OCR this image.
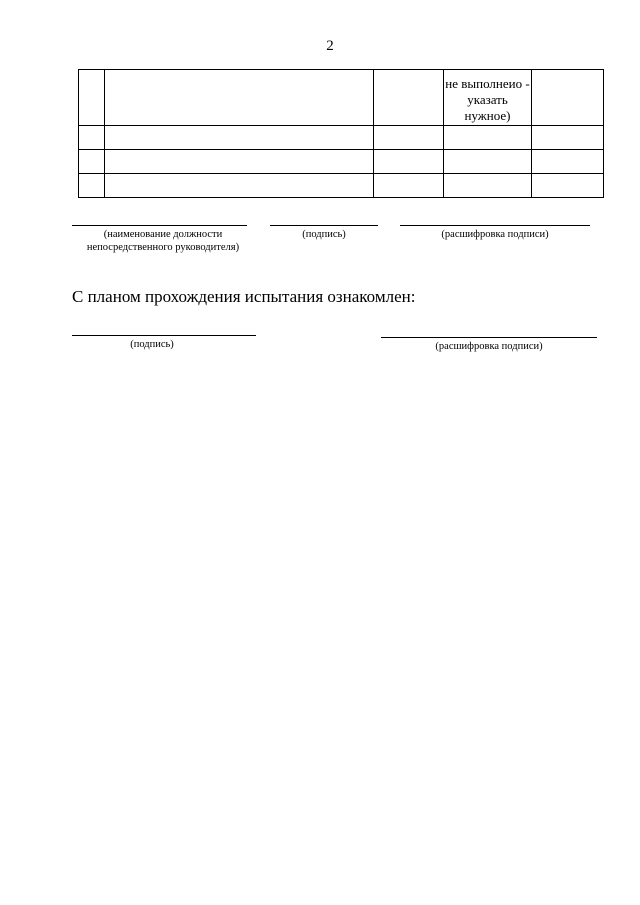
2

			не выполнеио - указать нужное)	

(наименование должности непосредственного руководителя)
(подпись)	(расшифровка подписи)
С планом прохождения испытания ознакомлен:
(подпись)	(расшифровка подписи)
